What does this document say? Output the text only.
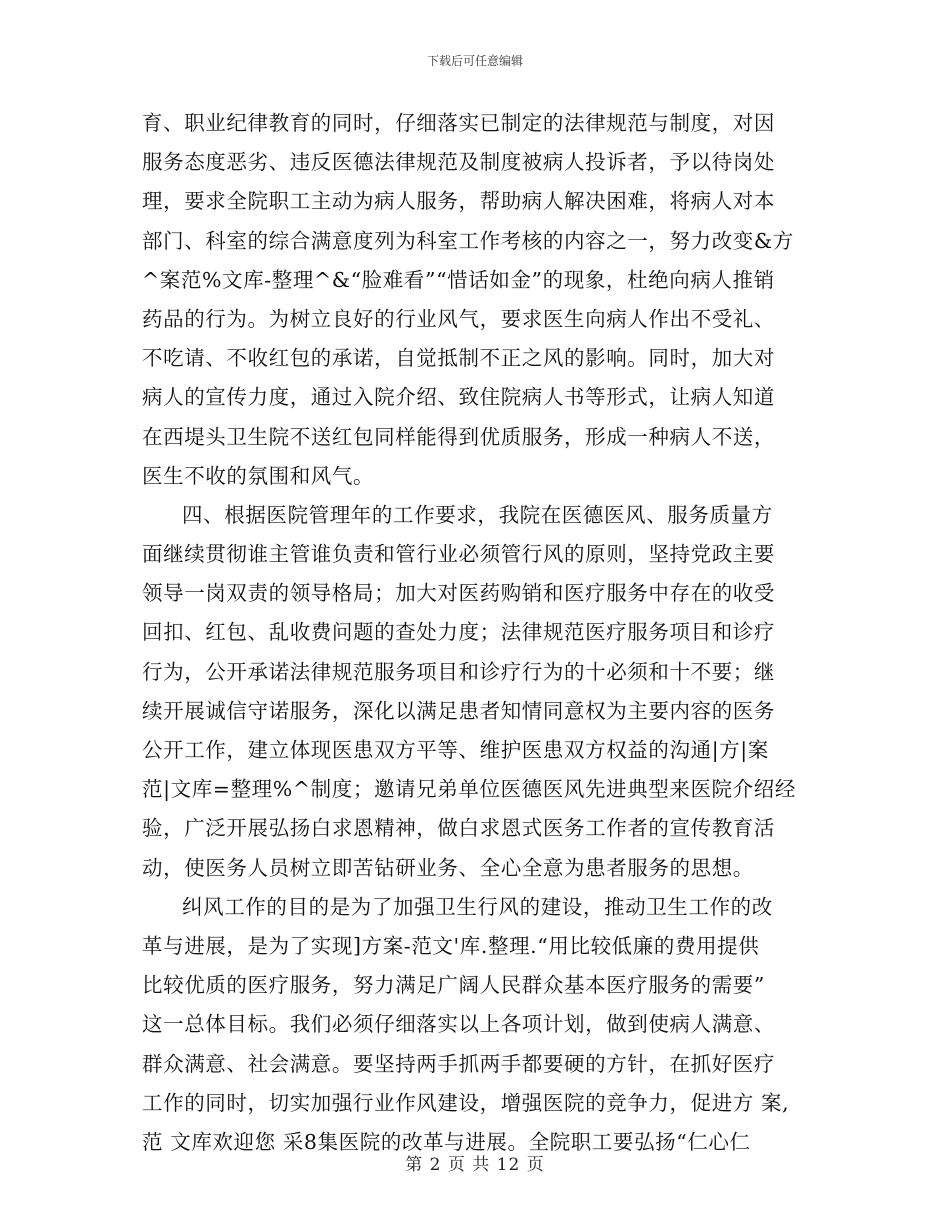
下载后可任意编辑
育、职业纪律教育的同时，仔细落实已制定的法律规范与制度，对因
服务态度恶劣、违反医德法律规范及制度被病人投诉者，予以待岗处
理，要求全院职工主动为病人服务，帮助病人解决困难，将病人对本
部门、科室的综合满意度列为科室工作考核的内容之一，努力改变&方
^案范%文库-整理^&“脸难看”“惜话如金”的现象，杜绝向病人推销
药品的行为。为树立良好的行业风气，要求医生向病人作出不受礼、
不吃请、不收红包的承诺，自觉抵制不正之风的影响。同时，加大对
病人的宣传力度，通过入院介绍、致住院病人书等形式，让病人知道
在西堤头卫生院不送红包同样能得到优质服务，形成一种病人不送，
医生不收的氛围和风气。
四、根据医院管理年的工作要求，我院在医德医风、服务质量方
面继续贯彻谁主管谁负责和管行业必须管行风的原则，坚持党政主要
领导一岗双责的领导格局；加大对医药购销和医疗服务中存在的收受
回扣、红包、乱收费问题的查处力度；法律规范医疗服务项目和诊疗
行为，公开承诺法律规范服务项目和诊疗行为的十必须和十不要；继
续开展诚信守诺服务，深化以满足患者知情同意权为主要内容的医务
公开工作，建立体现医患双方平等、维护医患双方权益的沟通|方|案
范|文库=整理%^制度；邀请兄弟单位医德医风先进典型来医院介绍经
验，广泛开展弘扬白求恩精神，做白求恩式医务工作者的宣传教育活
动，使医务人员树立即苦钻研业务、全心全意为患者服务的思想。
纠风工作的目的是为了加强卫生行风的建设，推动卫生工作的改
革与进展，是为了实现]方案-范文'库.整理.“用比较低廉的费用提供
比较优质的医疗服务，努力满足广阔人民群众基本医疗服务的需要”
这一总体目标。我们必须仔细落实以上各项计划，做到使病人满意、
群众满意、社会满意。要坚持两手抓两手都要硬的方针，在抓好医疗
工作的同时，切实加强行业作风建设，增强医院的竞争力，促进方 案,
范 文库欢迎您 采8集医院的改革与进展。全院职工要弘扬“仁心仁
第 2 页 共 12 页
